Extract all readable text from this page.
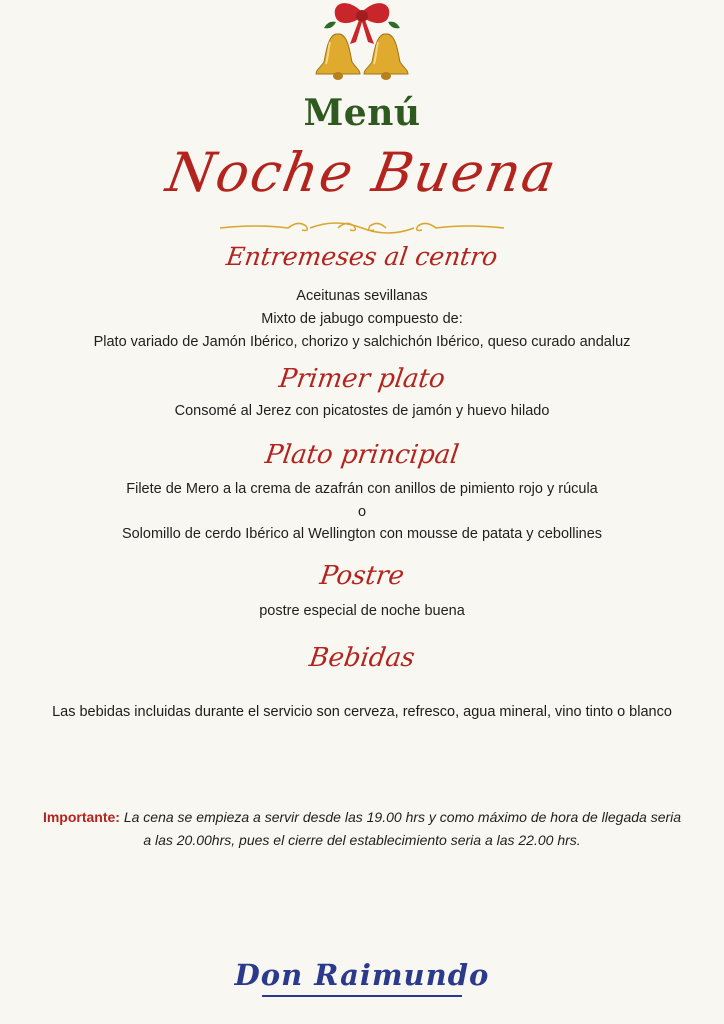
Menú
Noche Buena
Entremeses al centro
Aceitunas sevillanas
Mixto de jabugo compuesto de:
Plato variado de Jamón Ibérico, chorizo y salchichón Ibérico, queso curado andaluz
Primer plato
Consomé al Jerez con picatostes de jamón y huevo hilado
Plato principal
Filete de Mero a la crema de azafrán con anillos de pimiento rojo y rúcula
o
Solomillo de cerdo Ibérico al Wellington con mousse de patata y cebollines
Postre
postre especial de noche buena
Bebidas
Las bebidas incluidas durante el servicio son cerveza, refresco, agua mineral, vino tinto o blanco
Importante: La cena se empieza a servir desde las 19.00 hrs y como máximo de hora de llegada seria a las 20.00hrs, pues el cierre del establecimiento seria a las 22.00 hrs.
Don Raimundo
